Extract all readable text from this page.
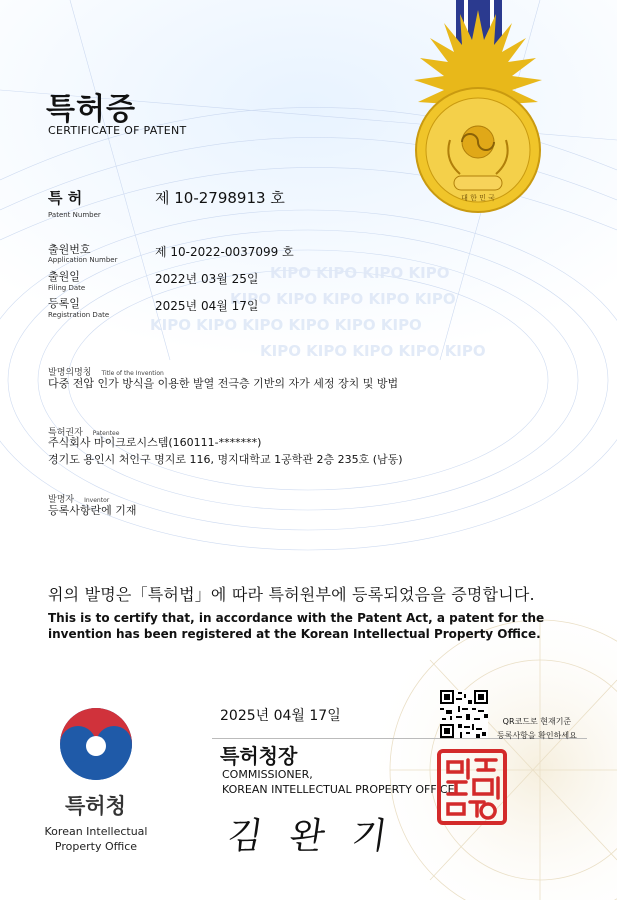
KIPO KIPO KIPO KIPO
KIPO KIPO KIPO KIPO KIPO
KIPO KIPO KIPO KIPO KIPO KIPO
KIPO KIPO KIPO KIPO KIPO
대 한 민 국
특허증
CERTIFICATE OF PATENT
특 허
Patent Number
제 10-2798913 호
출원번호
Application Number
제 10-2022-0037099 호
출원일
Filing Date
2022년 03월 25일
등록일
Registration Date
2025년 04월 17일
발명의명칭 Title of the Invention
다중 전압 인가 방식을 이용한 발열 전극층 기반의 자가 세정 장치 및 방법
특허권자 Patentee
주식회사 마이크로시스템(160111-*******)
경기도 용인시 처인구 명지로 116, 명지대학교 1공학관 2층 235호 (남동)
발명자 Inventor
등록사항란에 기재
위의 발명은「특허법」에 따라 특허원부에 등록되었음을 증명합니다.
This is to certify that, in accordance with the Patent Act, a patent for the invention has been registered at the Korean Intellectual Property Office.
특허청
Korean Intellectual Property Office
2025년 04월 17일
특허청장
COMMISSIONER,
KOREAN INTELLECTUAL PROPERTY OFFICE
김 완 기
QR코드로 현재기준
등록사항을 확인하세요
